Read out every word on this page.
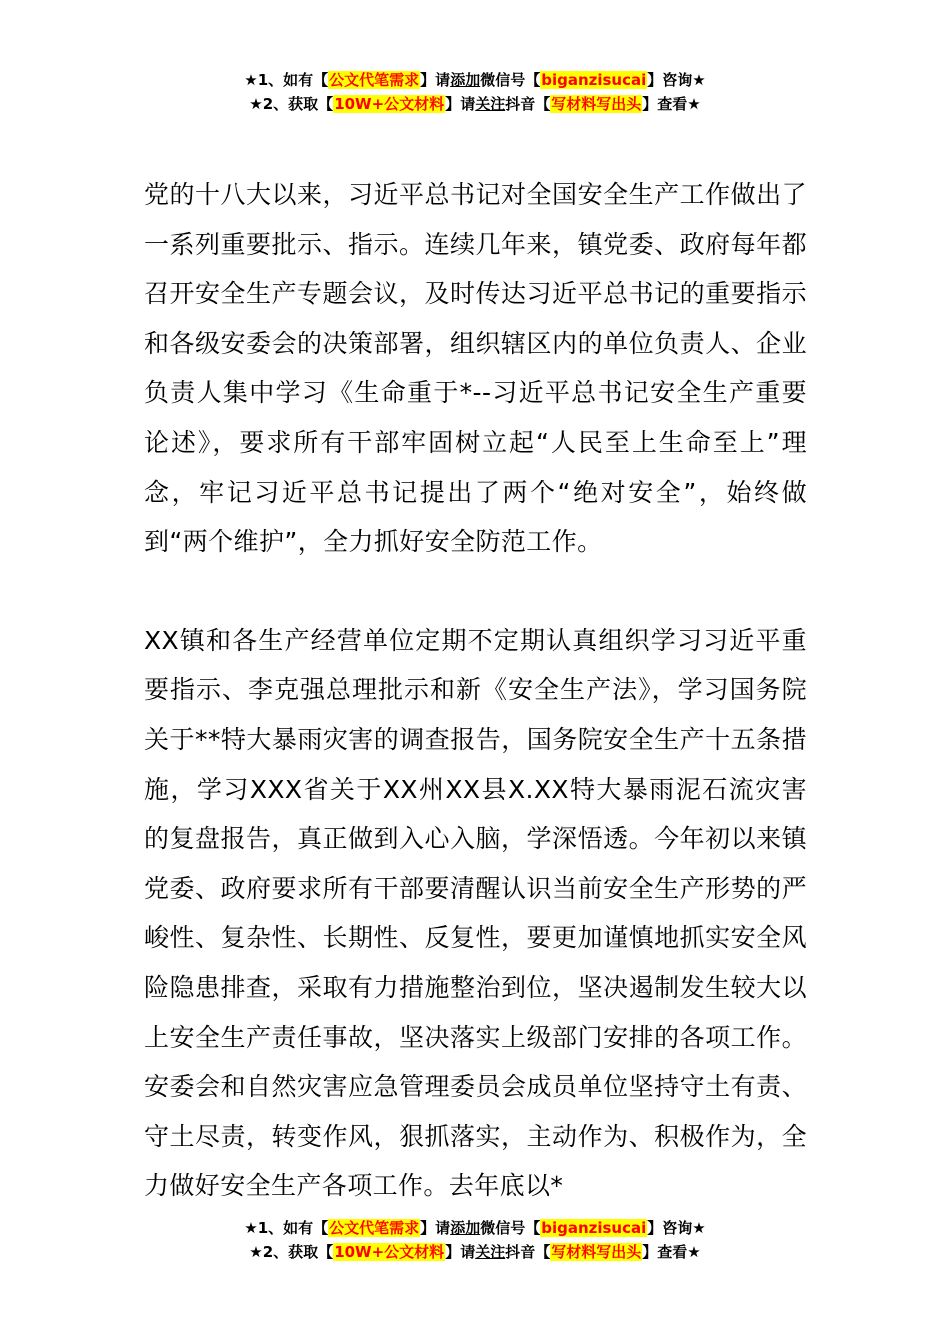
★1、如有【公文代笔需求】请添加微信号【biganzisucai】咨询★
★2、获取【10W+公文材料】请关注抖音【写材料写出头】查看★

党的十八大以来，习近平总书记对全国安全生产工作做出了一系列重要批示、指示。连续几年来，镇党委、政府每年都召开安全生产专题会议，及时传达习近平总书记的重要指示和各级安委会的决策部署，组织辖区内的单位负责人、企业负责人集中学习《生命重于*--习近平总书记安全生产重要论述》，要求所有干部牢固树立起“人民至上生命至上”理念，牢记习近平总书记提出了两个“绝对安全”，始终做到“两个维护”，全力抓好安全防范工作。

XX镇和各生产经营单位定期不定期认真组织学习习近平重要指示、李克强总理批示和新《安全生产法》，学习国务院关于**特大暴雨灾害的调查报告，国务院安全生产十五条措施，学习XXX省关于XX州XX县X.XX特大暴雨泥石流灾害的复盘报告，真正做到入心入脑，学深悟透。今年初以来镇党委、政府要求所有干部要清醒认识当前安全生产形势的严峻性、复杂性、长期性、反复性，要更加谨慎地抓实安全风险隐患排查，采取有力措施整治到位，坚决遏制发生较大以上安全生产责任事故，坚决落实上级部门安排的各项工作。安委会和自然灾害应急管理委员会成员单位坚持守土有责、守土尽责，转变作风，狠抓落实，主动作为、积极作为，全力做好安全生产各项工作。去年底以*

★1、如有【公文代笔需求】请添加微信号【biganzisucai】咨询★
★2、获取【10W+公文材料】请关注抖音【写材料写出头】查看★
